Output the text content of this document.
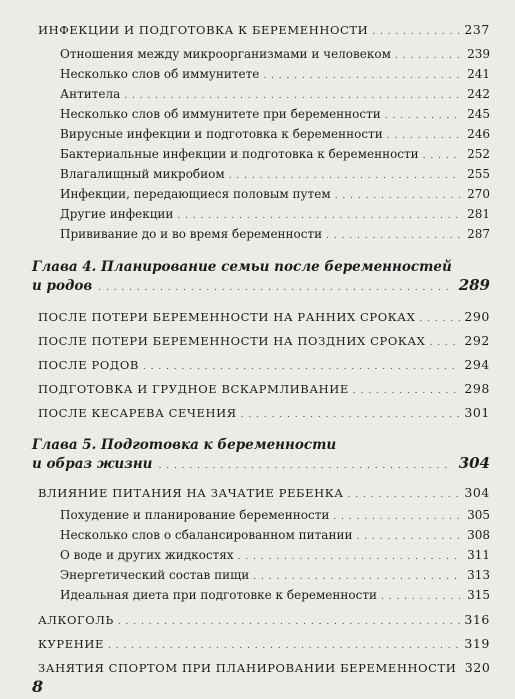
ИНФЕКЦИИ И ПОДГОТОВКА К БЕРЕМЕННОСТИ . . .	237
Отношения между микроорганизмами и человеком . . .	239
Несколько слов об иммунитете . . .	241
Антитела . . .	242
Несколько слов об иммунитете при беременности . . .	245
Вирусные инфекции и подготовка к беременности . . .	246
Бактериальные инфекции и подготовка к беременности . . .	252
Влагалищный микробиом . . .	255
Инфекции, передающиеся половым путем . . .	270
Другие инфекции . . .	281
Прививание до и во время беременности . . .	287
Глава 4. Планирование семьи после беременностей
и родов . . .	289
ПОСЛЕ ПОТЕРИ БЕРЕМЕННОСТИ НА РАННИХ СРОКАХ . . .	290
ПОСЛЕ ПОТЕРИ БЕРЕМЕННОСТИ НА ПОЗДНИХ СРОКАХ . . .	292
ПОСЛЕ РОДОВ . . .	294
ПОДГОТОВКА И ГРУДНОЕ ВСКАРМЛИВАНИЕ . . .	298
ПОСЛЕ КЕСАРЕВА СЕЧЕНИЯ . . .	301
Глава 5. Подготовка к беременности
и образ жизни . . .	304
ВЛИЯНИЕ ПИТАНИЯ НА ЗАЧАТИЕ РЕБЕНКА . . .	304
Похудение и планирование беременности . . .	305
Несколько слов о сбалансированном питании . . .	308
О воде и других жидкостях . . .	311
Энергетический состав пищи . . .	313
Идеальная диета при подготовке к беременности . . .	315
АЛКОГОЛЬ . . .	316
КУРЕНИЕ . . .	319
ЗАНЯТИЯ СПОРТОМ ПРИ ПЛАНИРОВАНИИ БЕРЕМЕННОСТИ 320
8
